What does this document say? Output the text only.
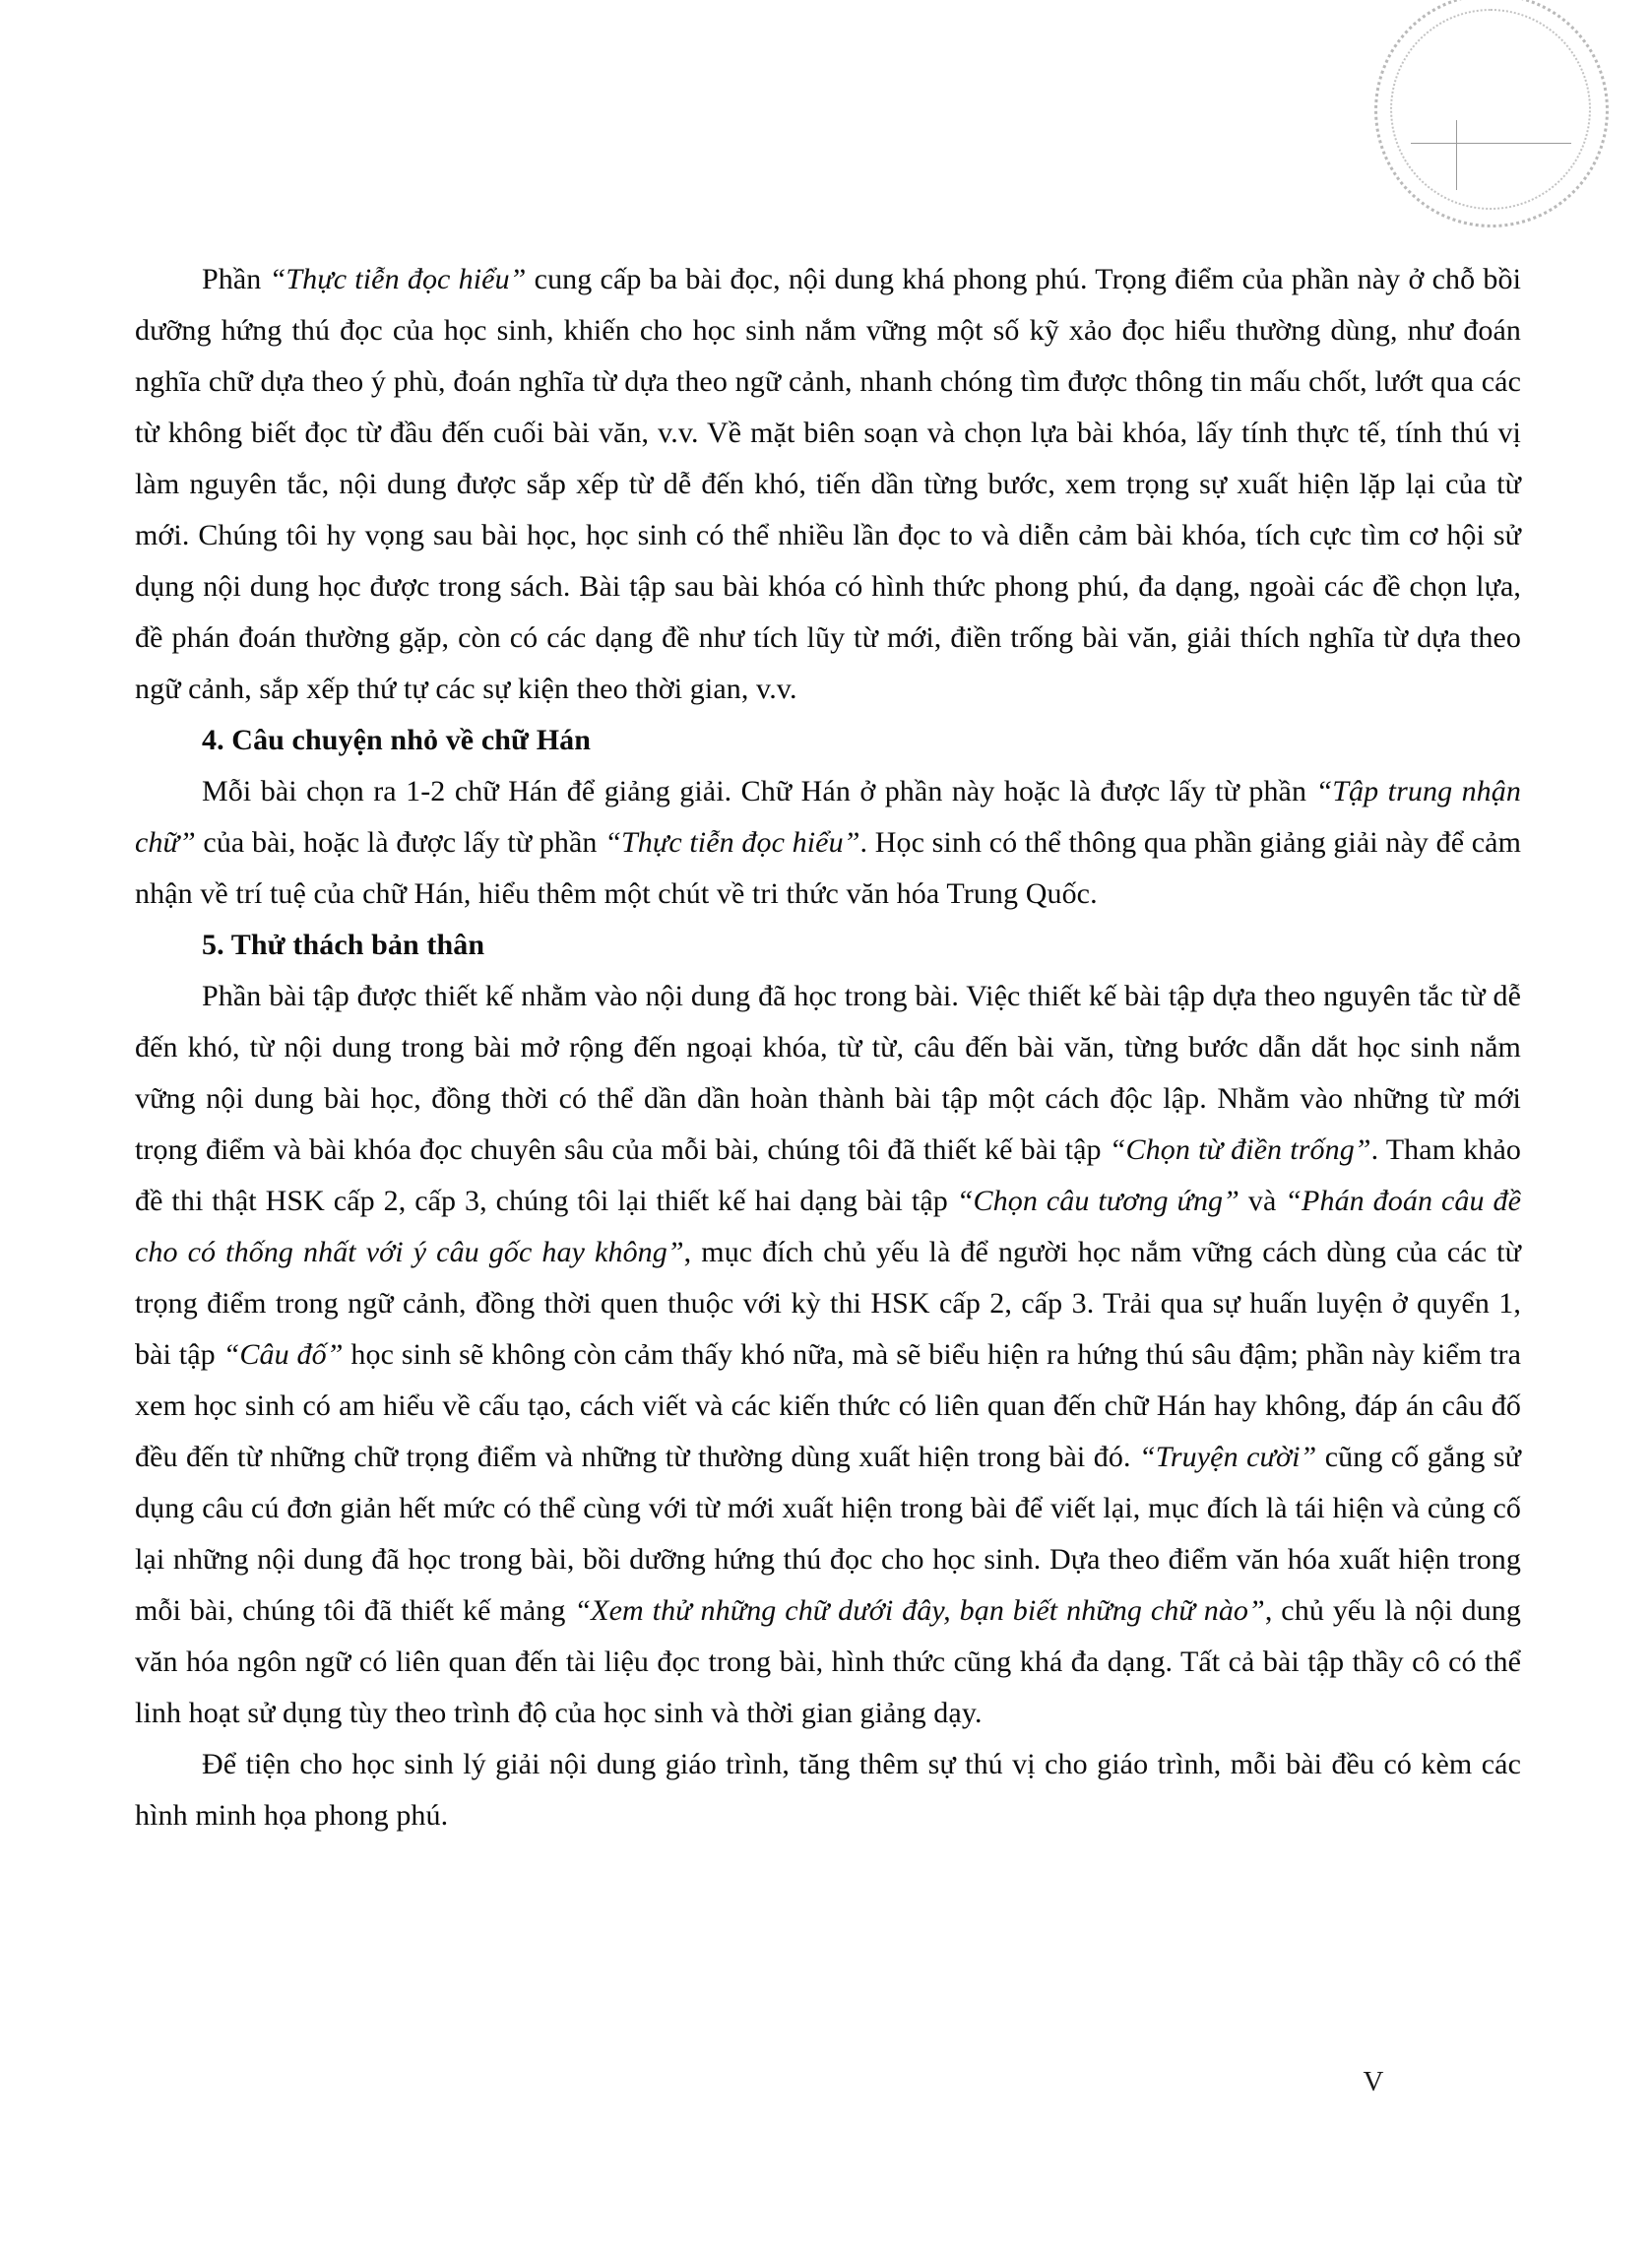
Phần “Thực tiễn đọc hiểu” cung cấp ba bài đọc, nội dung khá phong phú. Trọng điểm của phần này ở chỗ bồi dưỡng hứng thú đọc của học sinh, khiến cho học sinh nắm vững một số kỹ xảo đọc hiểu thường dùng, như đoán nghĩa chữ dựa theo ý phù, đoán nghĩa từ dựa theo ngữ cảnh, nhanh chóng tìm được thông tin mấu chốt, lướt qua các từ không biết đọc từ đầu đến cuối bài văn, v.v. Về mặt biên soạn và chọn lựa bài khóa, lấy tính thực tế, tính thú vị làm nguyên tắc, nội dung được sắp xếp từ dễ đến khó, tiến dần từng bước, xem trọng sự xuất hiện lặp lại của từ mới. Chúng tôi hy vọng sau bài học, học sinh có thể nhiều lần đọc to và diễn cảm bài khóa, tích cực tìm cơ hội sử dụng nội dung học được trong sách. Bài tập sau bài khóa có hình thức phong phú, đa dạng, ngoài các đề chọn lựa, đề phán đoán thường gặp, còn có các dạng đề như tích lũy từ mới, điền trống bài văn, giải thích nghĩa từ dựa theo ngữ cảnh, sắp xếp thứ tự các sự kiện theo thời gian, v.v.

4. Câu chuyện nhỏ về chữ Hán

Mỗi bài chọn ra 1-2 chữ Hán để giảng giải. Chữ Hán ở phần này hoặc là được lấy từ phần “Tập trung nhận chữ” của bài, hoặc là được lấy từ phần “Thực tiễn đọc hiểu”. Học sinh có thể thông qua phần giảng giải này để cảm nhận về trí tuệ của chữ Hán, hiểu thêm một chút về tri thức văn hóa Trung Quốc.

5. Thử thách bản thân

Phần bài tập được thiết kế nhằm vào nội dung đã học trong bài. Việc thiết kế bài tập dựa theo nguyên tắc từ dễ đến khó, từ nội dung trong bài mở rộng đến ngoại khóa, từ từ, câu đến bài văn, từng bước dẫn dắt học sinh nắm vững nội dung bài học, đồng thời có thể dần dần hoàn thành bài tập một cách độc lập. Nhằm vào những từ mới trọng điểm và bài khóa đọc chuyên sâu của mỗi bài, chúng tôi đã thiết kế bài tập “Chọn từ điền trống”. Tham khảo đề thi thật HSK cấp 2, cấp 3, chúng tôi lại thiết kế hai dạng bài tập “Chọn câu tương ứng” và “Phán đoán câu đề cho có thống nhất với ý câu gốc hay không”, mục đích chủ yếu là để người học nắm vững cách dùng của các từ trọng điểm trong ngữ cảnh, đồng thời quen thuộc với kỳ thi HSK cấp 2, cấp 3. Trải qua sự huấn luyện ở quyển 1, bài tập “Câu đố” học sinh sẽ không còn cảm thấy khó nữa, mà sẽ biểu hiện ra hứng thú sâu đậm; phần này kiểm tra xem học sinh có am hiểu về cấu tạo, cách viết và các kiến thức có liên quan đến chữ Hán hay không, đáp án câu đố đều đến từ những chữ trọng điểm và những từ thường dùng xuất hiện trong bài đó. “Truyện cười” cũng cố gắng sử dụng câu cú đơn giản hết mức có thể cùng với từ mới xuất hiện trong bài để viết lại, mục đích là tái hiện và củng cố lại những nội dung đã học trong bài, bồi dưỡng hứng thú đọc cho học sinh. Dựa theo điểm văn hóa xuất hiện trong mỗi bài, chúng tôi đã thiết kế mảng “Xem thử những chữ dưới đây, bạn biết những chữ nào”, chủ yếu là nội dung văn hóa ngôn ngữ có liên quan đến tài liệu đọc trong bài, hình thức cũng khá đa dạng. Tất cả bài tập thầy cô có thể linh hoạt sử dụng tùy theo trình độ của học sinh và thời gian giảng dạy.

Để tiện cho học sinh lý giải nội dung giáo trình, tăng thêm sự thú vị cho giáo trình, mỗi bài đều có kèm các hình minh họa phong phú.

V
